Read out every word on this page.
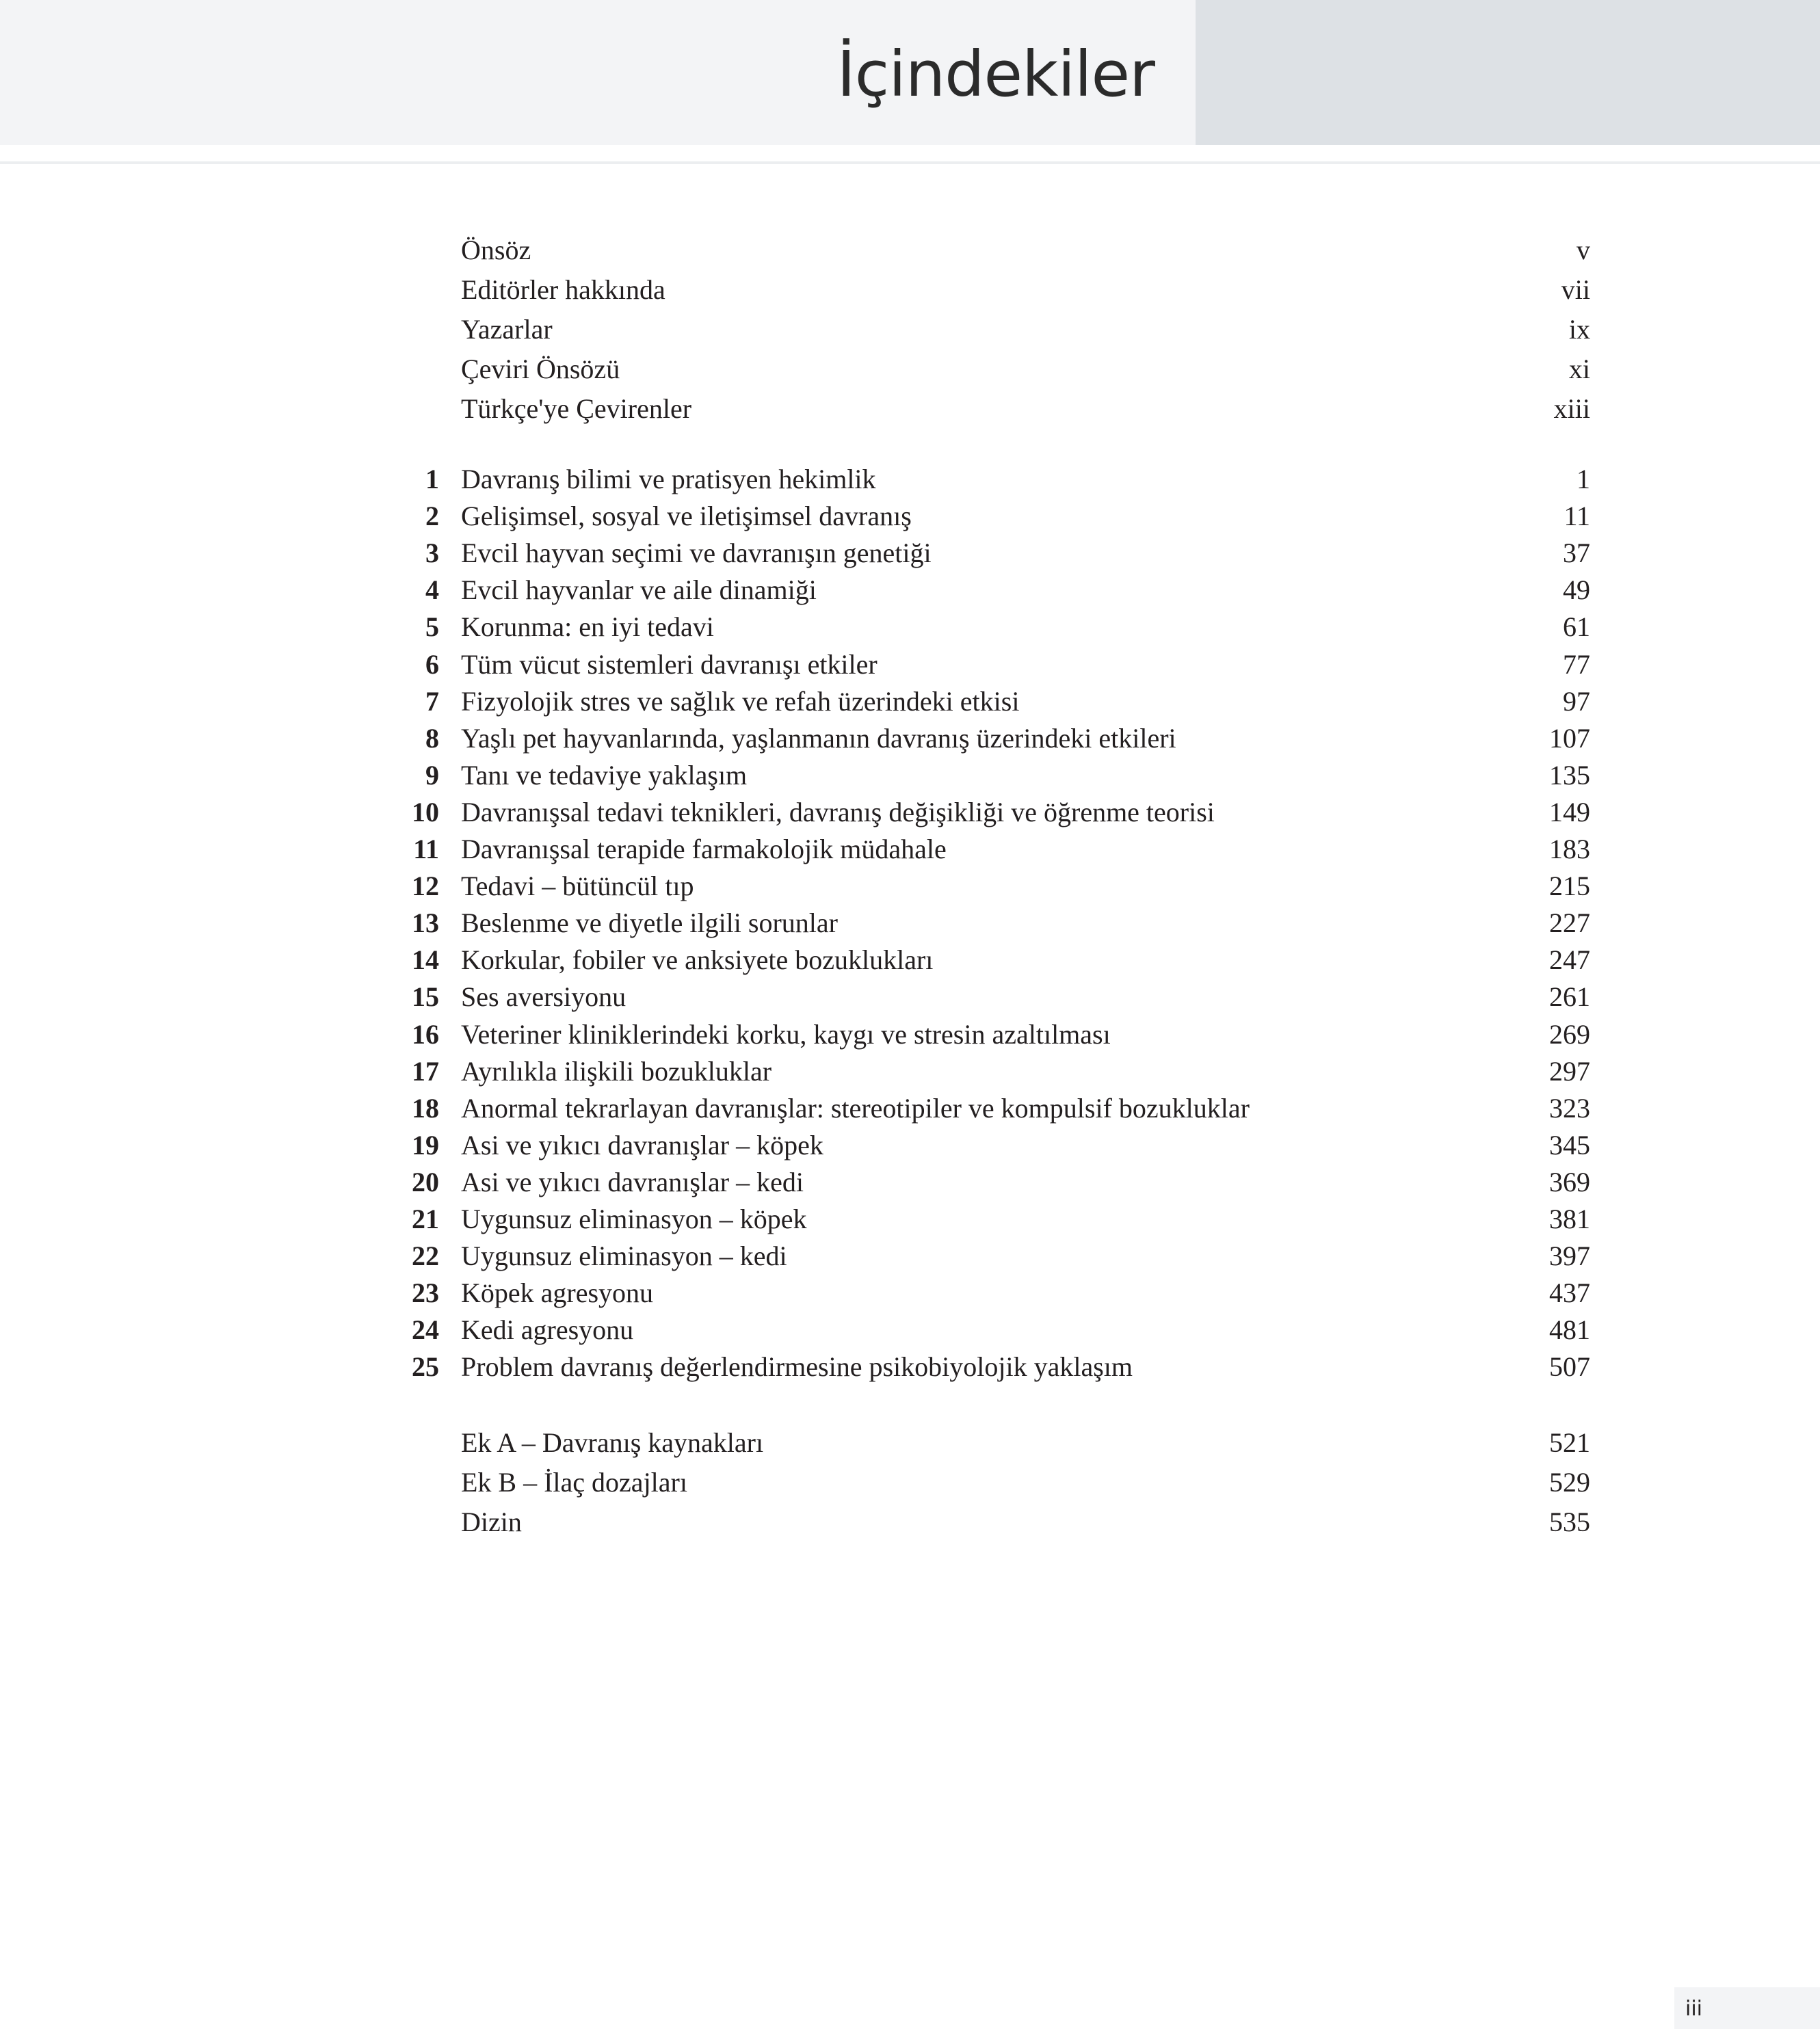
İçindekiler
Önsöz	v
Editörler hakkında	vii
Yazarlar	ix
Çeviri Önsözü	xi
Türkçe'ye Çevirenler	xiii
1 Davranış bilimi ve pratisyen hekimlik	1
2 Gelişimsel, sosyal ve iletişimsel davranış	11
3 Evcil hayvan seçimi ve davranışın genetiği	37
4 Evcil hayvanlar ve aile dinamiği	49
5 Korunma: en iyi tedavi	61
6 Tüm vücut sistemleri davranışı etkiler	77
7 Fizyolojik stres ve sağlık ve refah üzerindeki etkisi	97
8 Yaşlı pet hayvanlarında, yaşlanmanın davranış üzerindeki etkileri	107
9 Tanı ve tedaviye yaklaşım	135
10 Davranışsal tedavi teknikleri, davranış değişikliği ve öğrenme teorisi	149
11 Davranışsal terapide farmakolojik müdahale	183
12 Tedavi – bütüncül tıp	215
13 Beslenme ve diyetle ilgili sorunlar	227
14 Korkular, fobiler ve anksiyete bozuklukları	247
15 Ses aversiyonu	261
16 Veteriner kliniklerindeki korku, kaygı ve stresin azaltılması	269
17 Ayrılıkla ilişkili bozukluklar	297
18 Anormal tekrarlayan davranışlar: stereotipiler ve kompulsif bozukluklar	323
19 Asi ve yıkıcı davranışlar – köpek	345
20 Asi ve yıkıcı davranışlar – kedi	369
21 Uygunsuz eliminasyon – köpek	381
22 Uygunsuz eliminasyon – kedi	397
23 Köpek agresyonu	437
24 Kedi agresyonu	481
25 Problem davranış değerlendirmesine psikobiyolojik yaklaşım	507
Ek A – Davranış kaynakları	521
Ek B – İlaç dozajları	529
Dizin	535
iii
